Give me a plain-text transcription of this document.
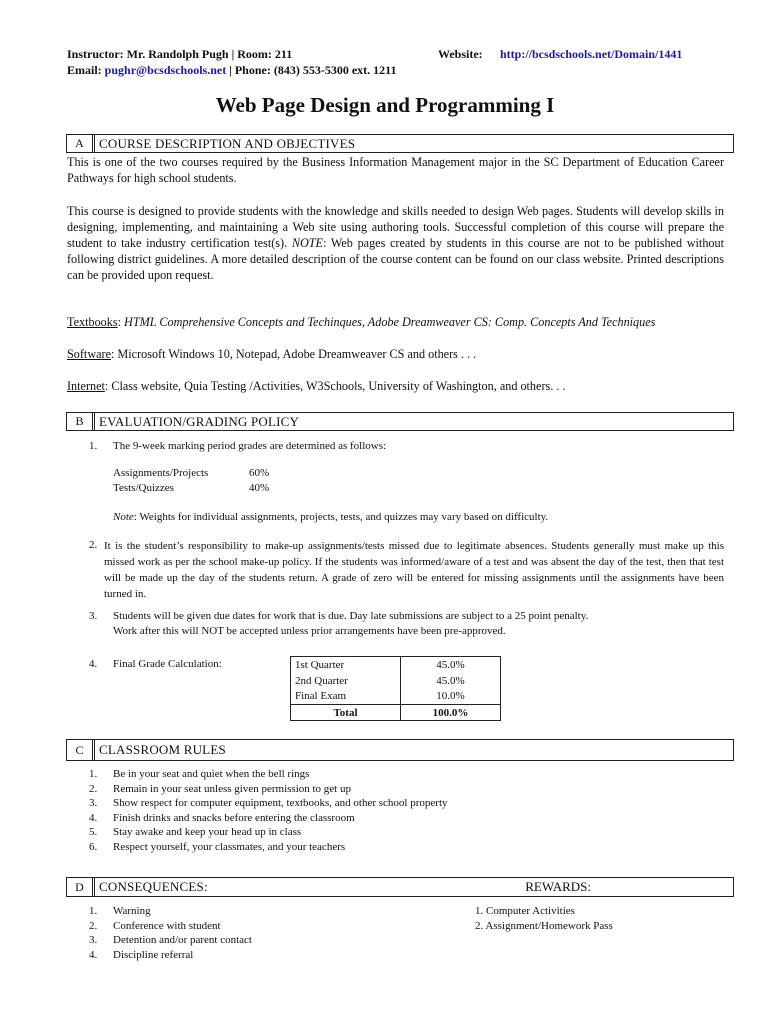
Instructor: Mr. Randolph Pugh | Room: 211	Website: http://bcsdschools.net/Domain/1441
Email: pughr@bcsdschools.net | Phone: (843) 553-5300 ext. 1211
Web Page Design and Programming I
A	COURSE DESCRIPTION AND OBJECTIVES
This is one of the two courses required by the Business Information Management major in the SC Department of Education Career Pathways for high school students.
This course is designed to provide students with the knowledge and skills needed to design Web pages. Students will develop skills in designing, implementing, and maintaining a Web site using authoring tools. Successful completion of this course will prepare the student to take industry certification test(s). NOTE: Web pages created by students in this course are not to be published without following district guidelines. A more detailed description of the course content can be found on our class website. Printed descriptions can be provided upon request.
Textbooks: HTML Comprehensive Concepts and Techinques, Adobe Dreamweaver CS: Comp. Concepts And Techniques
Software: Microsoft Windows 10, Notepad, Adobe Dreamweaver CS and others . . .
Internet: Class website, Quia Testing /Activities, W3Schools, University of Washington, and others. . .
B	EVALUATION/GRADING POLICY
1. The 9-week marking period grades are determined as follows:
Assignments/Projects	60%
Tests/Quizzes	40%
Note: Weights for individual assignments, projects, tests, and quizzes may vary based on difficulty.
2. It is the student’s responsibility to make-up assignments/tests missed due to legitimate absences. Students generally must make up this missed work as per the school make-up policy. If the students was informed/aware of a test and was absent the day of the test, then that test will be made up the day of the students return. A grade of zero will be entered for missing assignments until the assignments have been turned in.
3. Students will be given due dates for work that is due. Day late submissions are subject to a 25 point penalty.
Work after this will NOT be accepted unless prior arrangements have been pre-approved.
4. Final Grade Calculation:	1st Quarter	45.0%
2nd Quarter	45.0%
Final Exam	10.0%
Total	100.0%
C	CLASSROOM RULES
1. Be in your seat and quiet when the bell rings
2. Remain in your seat unless given permission to get up
3. Show respect for computer equipment, textbooks, and other school property
4. Finish drinks and snacks before entering the classroom
5. Stay awake and keep your head up in class
6. Respect yourself, your classmates, and your teachers
D	CONSEQUENCES:	REWARDS:
1. Warning
2. Conference with student
3. Detention and/or parent contact
4. Discipline referral
1. Computer Activities
2. Assignment/Homework Pass
